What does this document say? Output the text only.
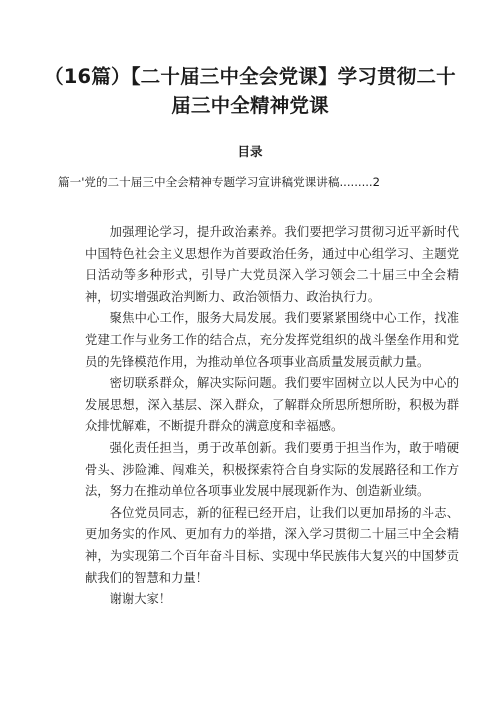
（16篇）【二十届三中全会党课】学习贯彻二十届三中全精神党课
目录
篇一'党的二十届三中全会精神专题学习宣讲稿党课讲稿.........2

加强理论学习，提升政治素养。我们要把学习贯彻习近平新时代中国特色社会主义思想作为首要政治任务，通过中心组学习、主题党日活动等多种形式，引导广大党员深入学习领会二十届三中全会精神，切实增强政治判断力、政治领悟力、政治执行力。

聚焦中心工作，服务大局发展。我们要紧紧围绕中心工作，找准党建工作与业务工作的结合点，充分发挥党组织的战斗堡垒作用和党员的先锋模范作用，为推动单位各项事业高质量发展贡献力量。

密切联系群众，解决实际问题。我们要牢固树立以人民为中心的发展思想，深入基层、深入群众，了解群众所思所想所盼，积极为群众排忧解难，不断提升群众的满意度和幸福感。

强化责任担当，勇于改革创新。我们要勇于担当作为，敢于啃硬骨头、涉险滩、闯难关，积极探索符合自身实际的发展路径和工作方法，努力在推动单位各项事业发展中展现新作为、创造新业绩。

各位党员同志，新的征程已经开启，让我们以更加昂扬的斗志、更加务实的作风、更加有力的举措，深入学习贯彻二十届三中全会精神，为实现第二个百年奋斗目标、实现中华民族伟大复兴的中国梦贡献我们的智慧和力量！

谢谢大家！
